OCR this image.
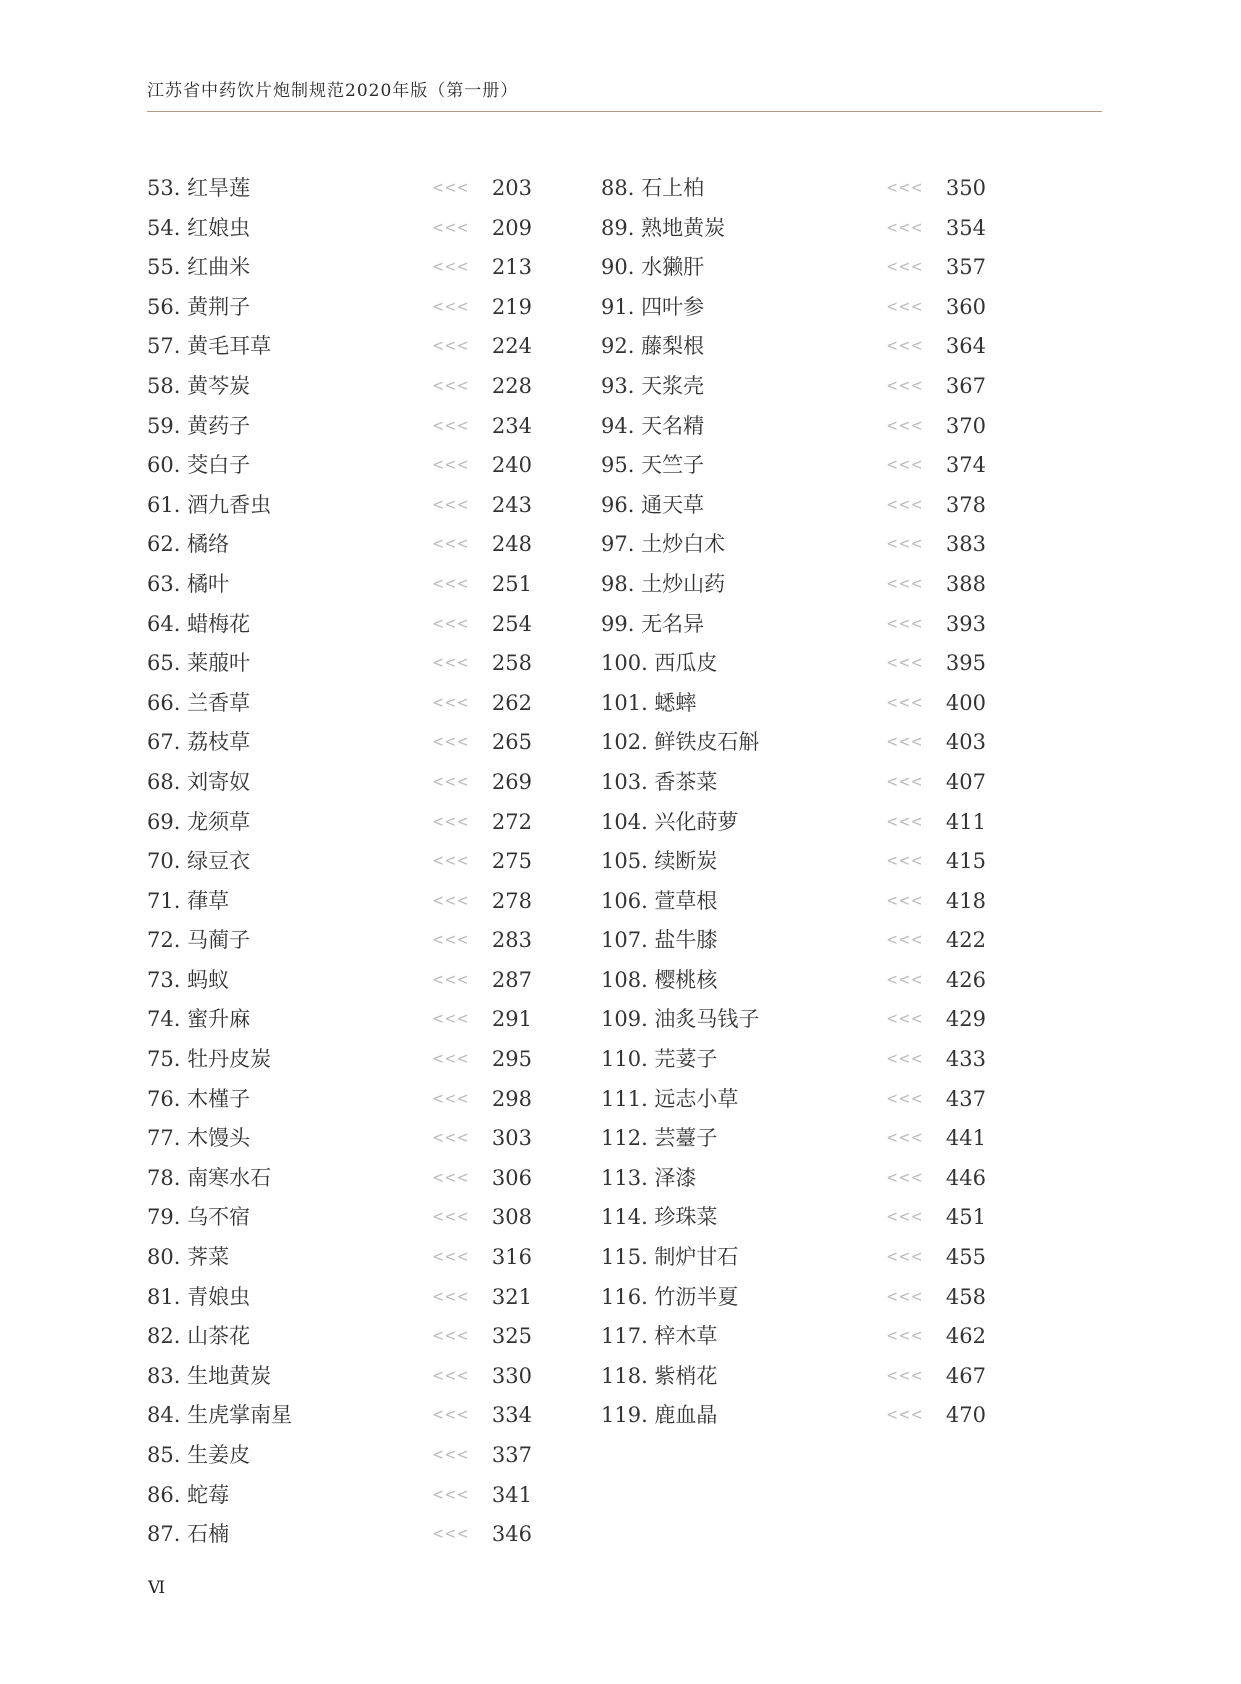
江苏省中药饮片炮制规范2020年版（第一册）
53. 红旱莲	<<< 203
54. 红娘虫	<<< 209
55. 红曲米	<<< 213
56. 黄荆子	<<< 219
57. 黄毛耳草	<<< 224
58. 黄芩炭	<<< 228
59. 黄药子	<<< 234
60. 茭白子	<<< 240
61. 酒九香虫	<<< 243
62. 橘络	<<< 248
63. 橘叶	<<< 251
64. 蜡梅花	<<< 254
65. 莱菔叶	<<< 258
66. 兰香草	<<< 262
67. 荔枝草	<<< 265
68. 刘寄奴	<<< 269
69. 龙须草	<<< 272
70. 绿豆衣	<<< 275
71. 葎草	<<< 278
72. 马蔺子	<<< 283
73. 蚂蚁	<<< 287
74. 蜜升麻	<<< 291
75. 牡丹皮炭	<<< 295
76. 木槿子	<<< 298
77. 木馒头	<<< 303
78. 南寒水石	<<< 306
79. 乌不宿	<<< 308
80. 荠菜	<<< 316
81. 青娘虫	<<< 321
82. 山茶花	<<< 325
83. 生地黄炭	<<< 330
84. 生虎掌南星	<<< 334
85. 生姜皮	<<< 337
86. 蛇莓	<<< 341
87. 石楠	<<< 346
88. 石上柏	<<< 350
89. 熟地黄炭	<<< 354
90. 水獭肝	<<< 357
91. 四叶参	<<< 360
92. 藤梨根	<<< 364
93. 天浆壳	<<< 367
94. 天名精	<<< 370
95. 天竺子	<<< 374
96. 通天草	<<< 378
97. 土炒白术	<<< 383
98. 土炒山药	<<< 388
99. 无名异	<<< 393
100. 西瓜皮	<<< 395
101. 蟋蟀	<<< 400
102. 鲜铁皮石斛	<<< 403
103. 香茶菜	<<< 407
104. 兴化莳萝	<<< 411
105. 续断炭	<<< 415
106. 萱草根	<<< 418
107. 盐牛膝	<<< 422
108. 樱桃核	<<< 426
109. 油炙马钱子	<<< 429
110. 芫荽子	<<< 433
111. 远志小草	<<< 437
112. 芸薹子	<<< 441
113. 泽漆	<<< 446
114. 珍珠菜	<<< 451
115. 制炉甘石	<<< 455
116. 竹沥半夏	<<< 458
117. 梓木草	<<< 462
118. 紫梢花	<<< 467
119. 鹿血晶	<<< 470
Ⅵ
